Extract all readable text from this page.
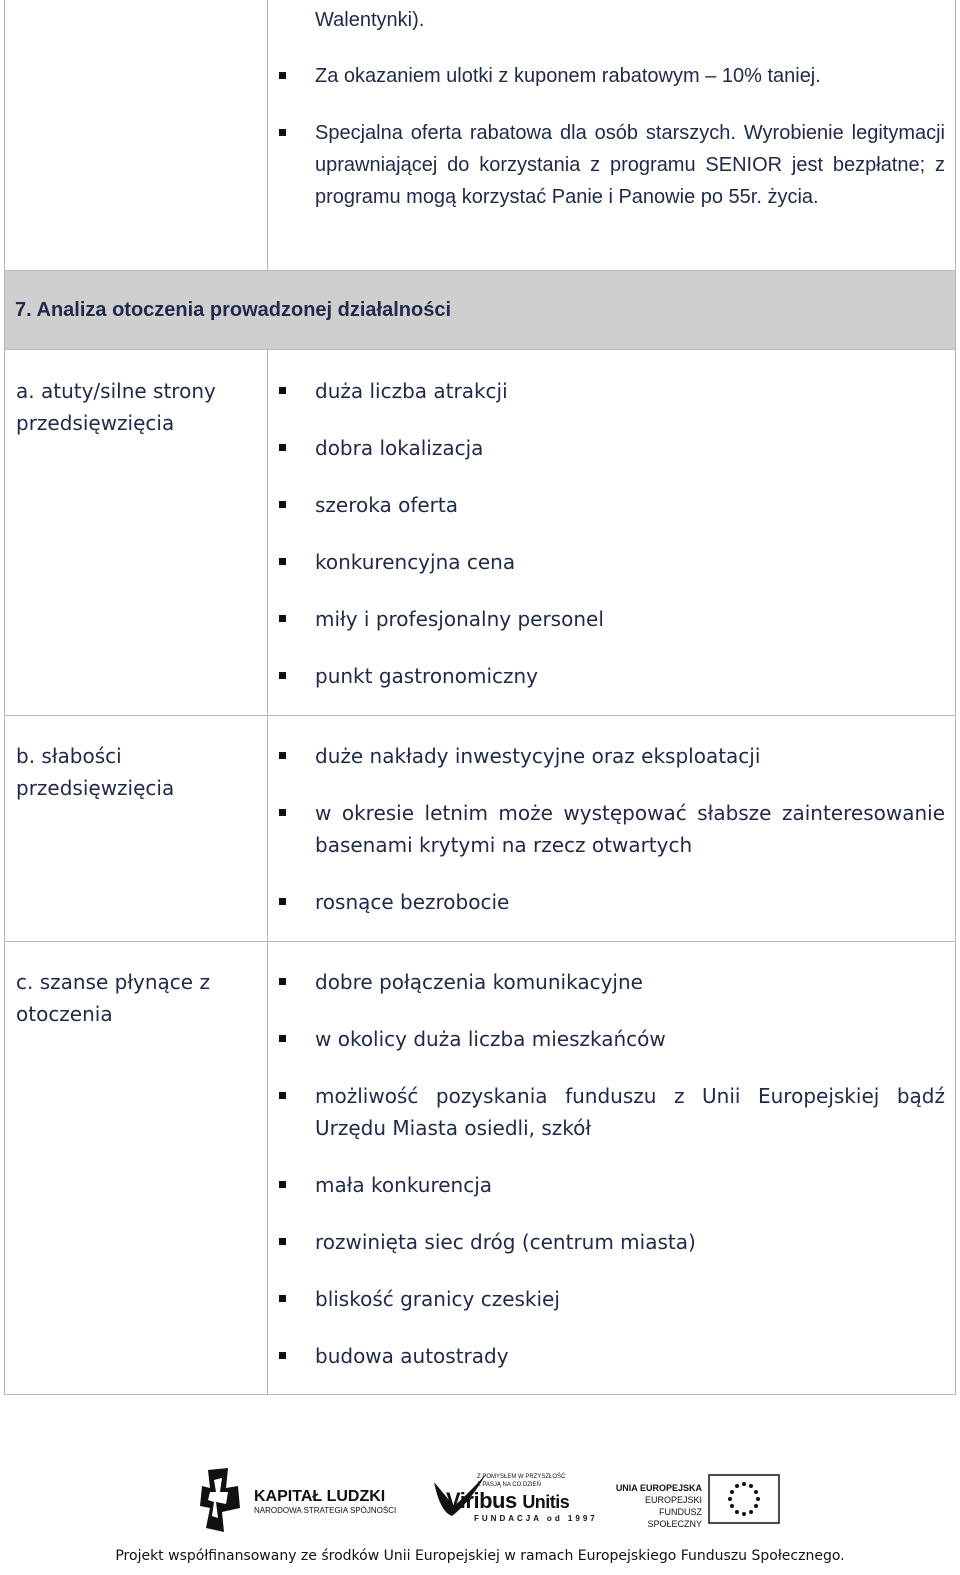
Walentynki).
Za okazaniem ulotki z kuponem rabatowym – 10% taniej.
Specjalna oferta rabatowa dla osób starszych. Wyrobienie legitymacji uprawniającej do korzystania z programu SENIOR jest bezpłatne; z programu mogą korzystać Panie i Panowie po 55r. życia.
7. Analiza otoczenia prowadzonej działalności
a. atuty/silne strony przedsięwzięcia
duża liczba atrakcji
dobra lokalizacja
szeroka oferta
konkurencyjna cena
miły i profesjonalny personel
punkt gastronomiczny
b. słabości przedsięwzięcia
duże nakłady inwestycyjne oraz eksploatacji
w okresie letnim może występować słabsze zainteresowanie basenami krytymi na rzecz otwartych
rosnące bezrobocie
c. szanse płynące z otoczenia
dobre połączenia komunikacyjne
w okolicy duża liczba mieszkańców
możliwość pozyskania funduszu z Unii Europejskiej bądź Urzędu Miasta osiedli, szkół
mała konkurencja
rozwinięta siec dróg (centrum miasta)
bliskość granicy czeskiej
budowa autostrady
KAPITAŁ LUDZKI
NARODOWA STRATEGIA SPÓJNOŚCI
Z POMYSŁEM W PRZYSZŁOŚĆ
Z PASJĄ NA CO DZIEŃ
Viribus Unitis
FUNDACJA od 1997
UNIA EUROPEJSKA
EUROPEJSKI
FUNDUSZ SPOŁECZNY
Projekt współfinansowany ze środków Unii Europejskiej w ramach Europejskiego Funduszu Społecznego.
